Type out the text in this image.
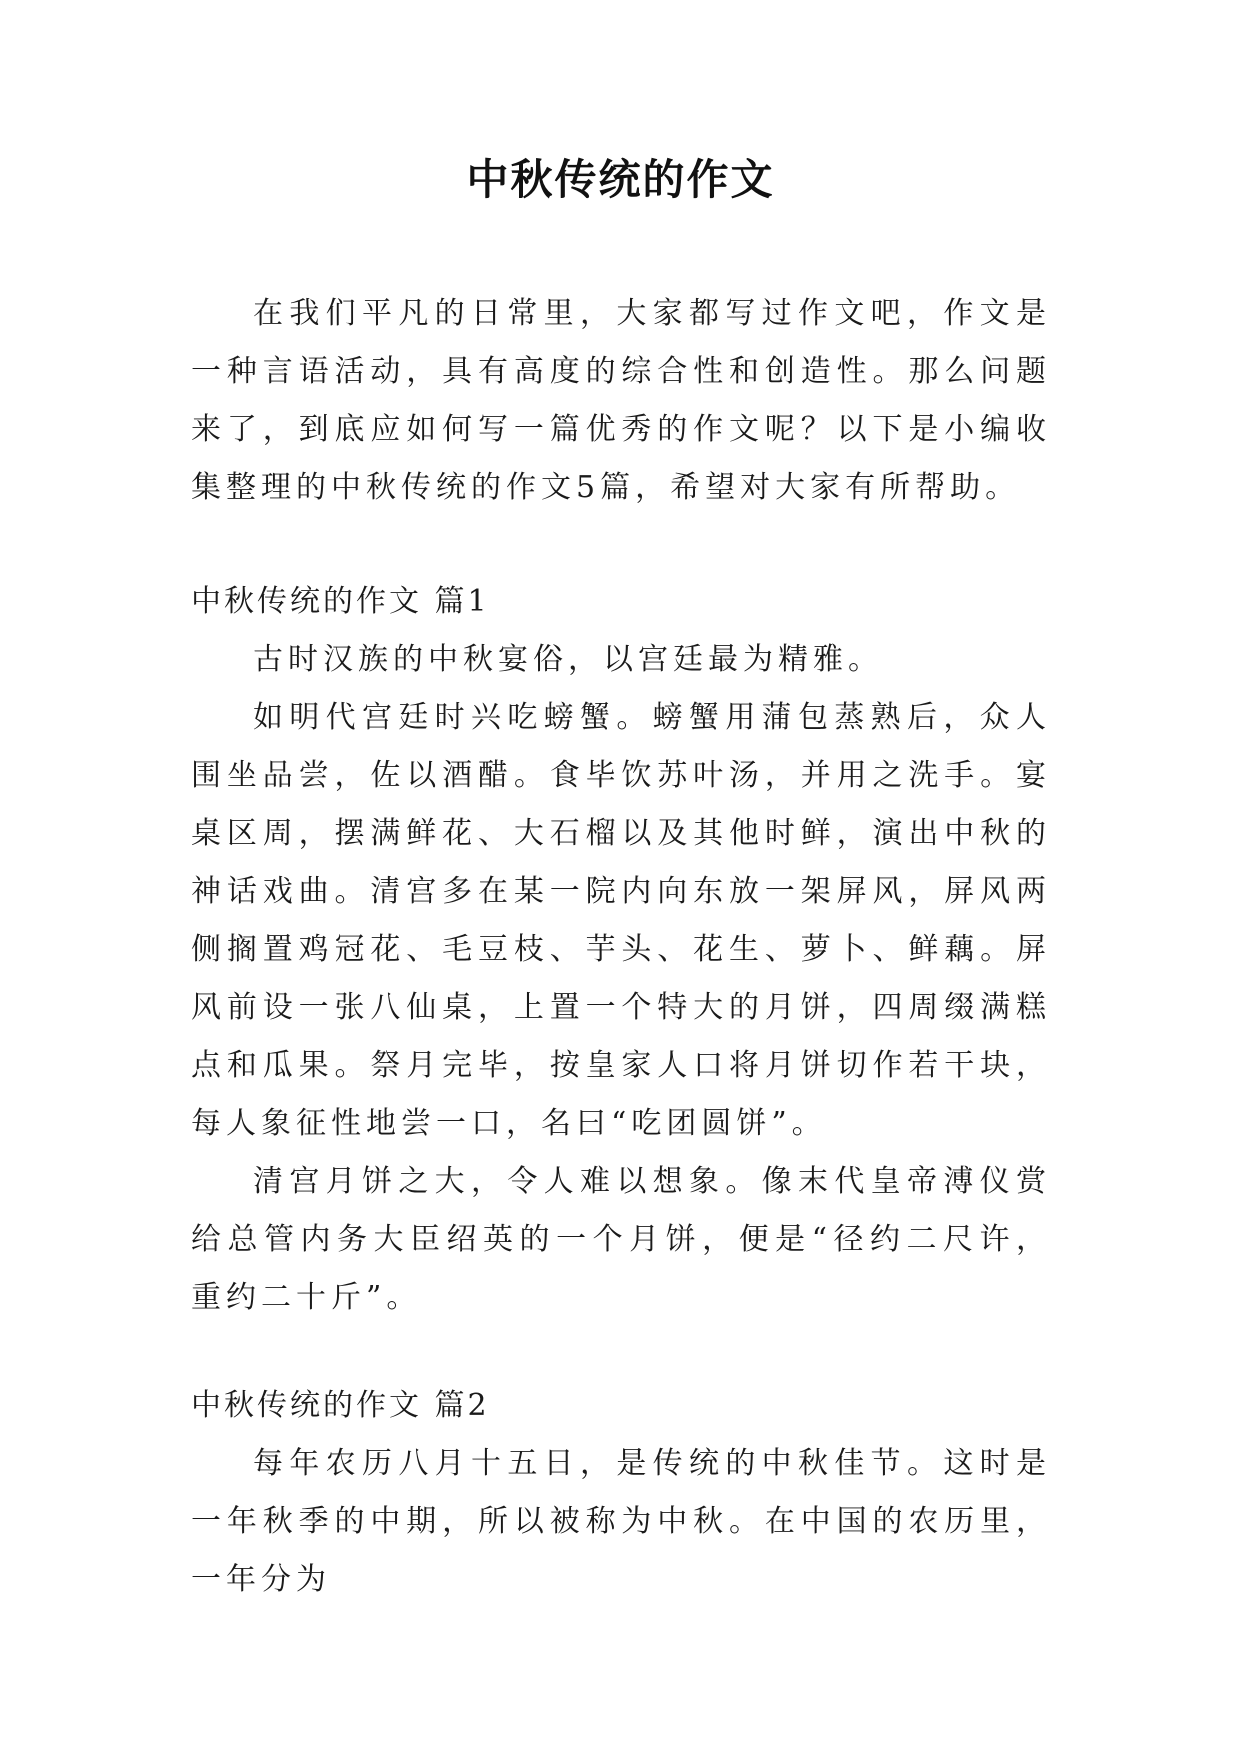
中秋传统的作文

在我们平凡的日常里，大家都写过作文吧，作文是一种言语活动，具有高度的综合性和创造性。那么问题来了，到底应如何写一篇优秀的作文呢？以下是小编收集整理的中秋传统的作文5篇，希望对大家有所帮助。

中秋传统的作文 篇1

古时汉族的中秋宴俗，以宫廷最为精雅。

如明代宫廷时兴吃螃蟹。螃蟹用蒲包蒸熟后，众人围坐品尝，佐以酒醋。食毕饮苏叶汤，并用之洗手。宴桌区周，摆满鲜花、大石榴以及其他时鲜，演出中秋的神话戏曲。清宫多在某一院内向东放一架屏风，屏风两侧搁置鸡冠花、毛豆枝、芋头、花生、萝卜、鲜藕。屏风前设一张八仙桌，上置一个特大的月饼，四周缀满糕点和瓜果。祭月完毕，按皇家人口将月饼切作若干块，每人象征性地尝一口，名曰“吃团圆饼”。

清宫月饼之大，令人难以想象。像末代皇帝溥仪赏给总管内务大臣绍英的一个月饼，便是“径约二尺许，重约二十斤”。

中秋传统的作文 篇2

每年农历八月十五日，是传统的中秋佳节。这时是一年秋季的中期，所以被称为中秋。在中国的农历里，一年分为
